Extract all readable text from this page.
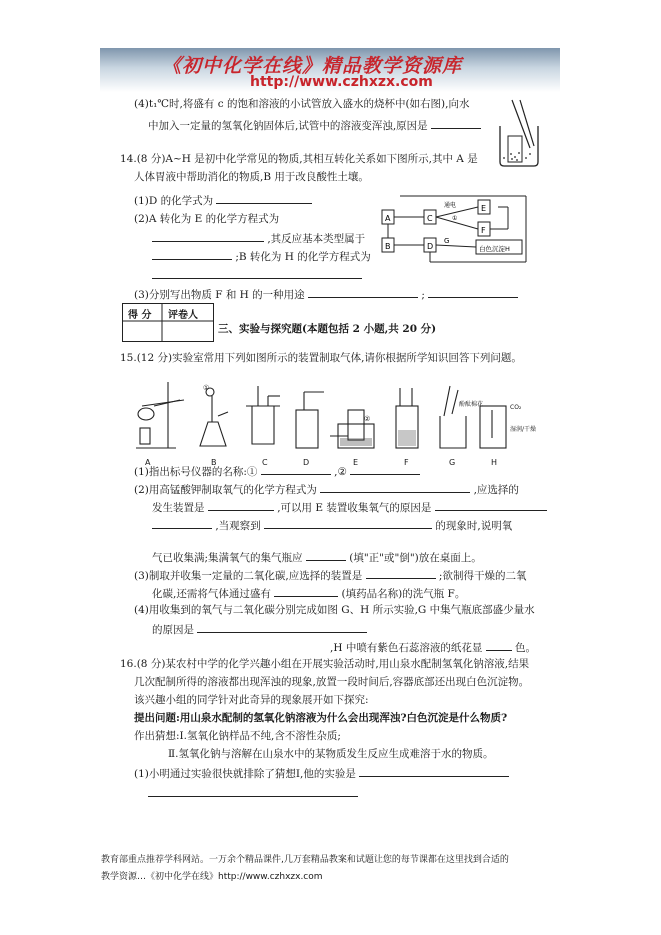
《初中化学在线》精品教学资源库
http://www.czhxzx.com
(4)t₁℃时,将盛有 c 的饱和溶液的小试管放入盛水的烧杯中(如右图),向水
中加入一定量的氢氧化钠固体后,试管中的溶液变浑浊,原因是
14.(8 分)A~H 是初中化学常见的物质,其相互转化关系如下图所示,其中 A 是
人体胃液中帮助消化的物质,B 用于改良酸性土壤。
(1)D 的化学式为
(2)A 转化为 E 的化学方程式为
,其反应基本类型属于
;B 转化为 H 的化学方程式为
(3)分别写出物质 F 和 H 的一种用途	;
A
B
C
D
E
F
白色沉淀H
通电
①
G
得 分 评卷人
三、实验与探究题(本题包括 2 小题,共 20 分)
15.(12 分)实验室常用下列如图所示的装置制取气体,请你根据所学知识回答下列问题。
A	B	C	D	E	F	G	H
①
②
酚酞棉花	CO₂
湿润/干燥
(1)指出标号仪器的名称:①	,②
(2)用高锰酸钾制取氧气的化学方程式为	,应选择的
发生装置是	,可以用 E 装置收集氧气的原因是
,当观察到	的现象时,说明氧
气已收集满;集满氧气的集气瓶应	(填"正"或"倒")放在桌面上。
(3)制取并收集一定量的二氧化碳,应选择的装置是	;欲制得干燥的二氧
化碳,还需将气体通过盛有	(填药品名称)的洗气瓶 F。
(4)用收集到的氧气与二氧化碳分别完成如图 G、H 所示实验,G 中集气瓶底部盛少量水
的原因是
,H 中喷有紫色石蕊溶液的纸花显	色。
16.(8 分)某农村中学的化学兴趣小组在开展实验活动时,用山泉水配制氢氧化钠溶液,结果
几次配制所得的溶液都出现浑浊的现象,放置一段时间后,容器底部还出现白色沉淀物。
该兴趣小组的同学针对此奇异的现象展开如下探究:
提出问题:用山泉水配制的氢氧化钠溶液为什么会出现浑浊?白色沉淀是什么物质?
作出猜想:Ⅰ.氢氧化钠样品不纯,含不溶性杂质;
Ⅱ.氢氧化钠与溶解在山泉水中的某物质发生反应生成难溶于水的物质。
(1)小明通过实验很快就排除了猜想Ⅰ,他的实验是
教育部重点推荐学科网站。一万余个精品课件,几万套精品教案和试题让您的每节课都在这里找到合适的
教学资源…《初中化学在线》http://www.czhxzx.com
